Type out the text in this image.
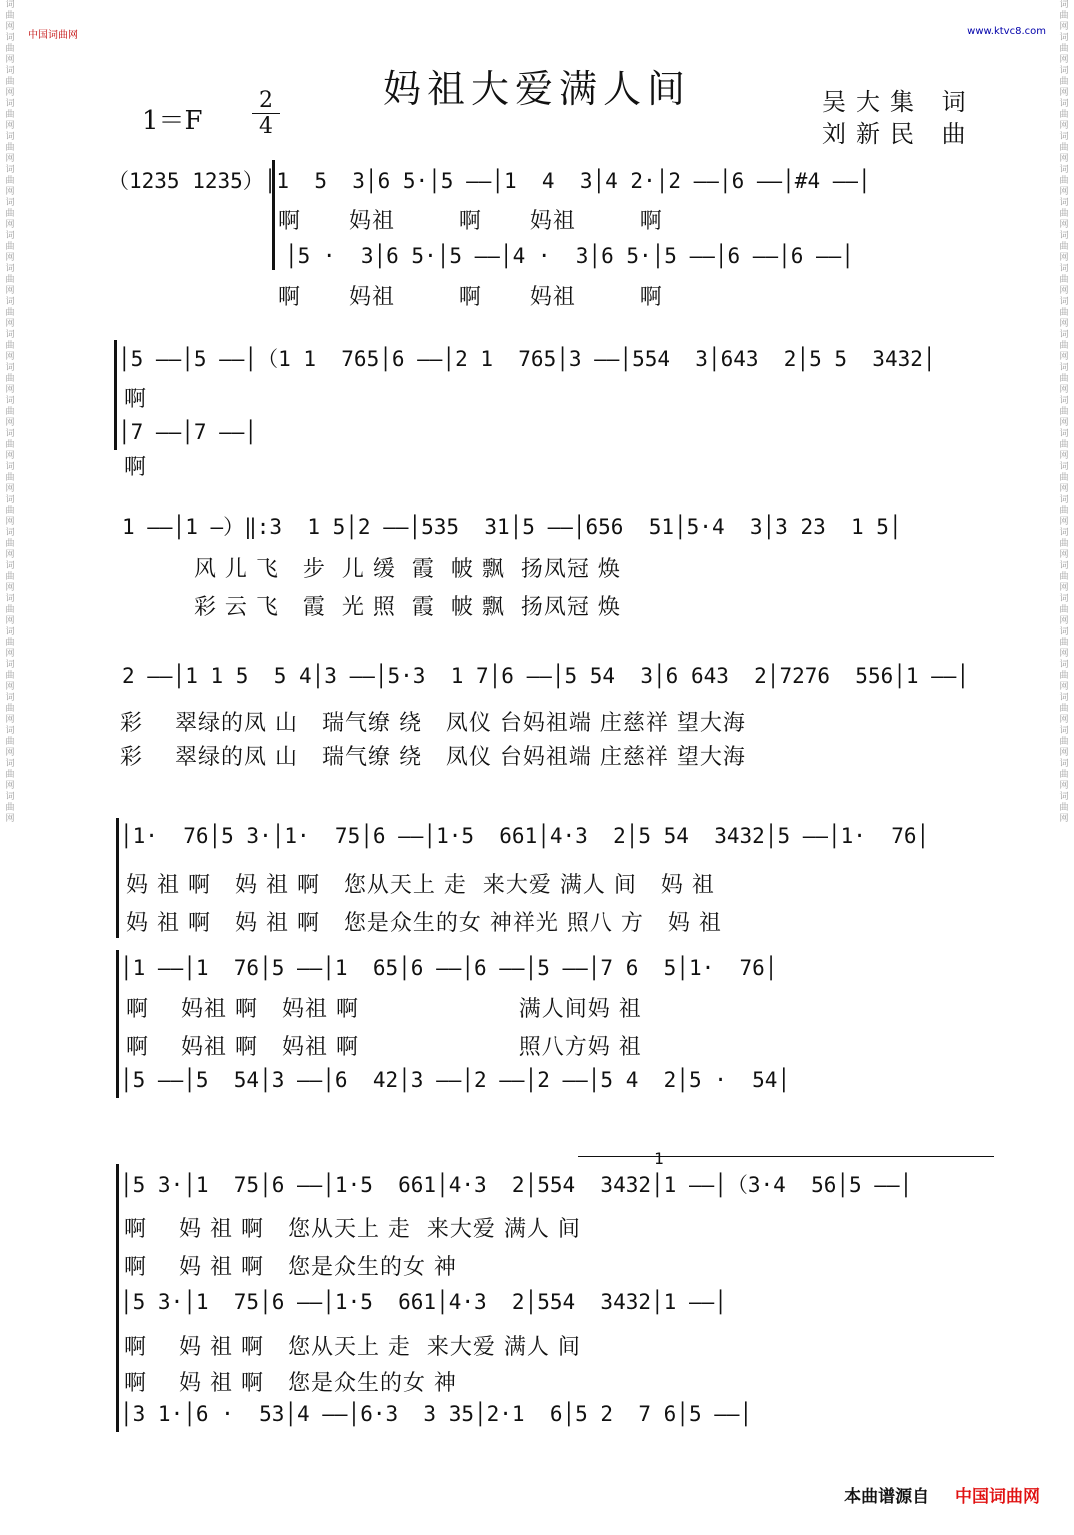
词曲网词曲网词曲网词曲网词曲网词曲网词曲网词曲网词曲网词曲网词曲网词曲网词曲网词曲网词曲网词曲网词曲网词曲网词曲网词曲网词曲网词曲网词曲网词曲网词曲网
词曲网词曲网词曲网词曲网词曲网词曲网词曲网词曲网词曲网词曲网词曲网词曲网词曲网词曲网词曲网词曲网词曲网词曲网词曲网词曲网词曲网词曲网词曲网词曲网词曲网
中国词曲网	www.ktvc8.com
妈祖大爱满人间
$1=F \frac{2}{4}$	吴大集 词
刘新民 曲
（1235 1235）│1  5  3│6 5·│5 ——│1  4  3│4 2·│2 ——│6 ——│#4 ——│
啊      妈祖        啊      妈祖        啊
│5 ·  3│6 5·│5 ——│4 ·  3│6 5·│5 ——│6 ——│6 ——│
啊      妈祖        啊      妈祖        啊
│5 ——│5 ——│（1 1  765│6 ——│2 1  765│3 ——│554  3│643  2│5 5  3432│
啊
│7 ——│7 ——│
啊
1 ——│1 —）‖:3  1 5│2 ——│535  31│5 ——│656  51│5·4  3│3 23  1 5│
风 儿 飞   步  儿 缓  霞  帔 飘  扬凤冠 焕
彩 云 飞   霞  光 照  霞  帔 飘  扬凤冠 焕
2 ——│1 1 5  5 4│3 ——│5·3  1 7│6 ——│5 54  3│6 643  2│7276  556│1 ——│
彩    翠绿的凤 山   瑞气缭 绕   凤仪 台妈祖端 庄慈祥 望大海
彩    翠绿的凤 山   瑞气缭 绕   凤仪 台妈祖端 庄慈祥 望大海
│1·  76│5 3·│1·  75│6 ——│1·5  661│4·3  2│5 54  3432│5 ——│1·  76│
妈 祖 啊   妈 祖 啊   您从天上 走  来大爱 满人 间   妈 祖
妈 祖 啊   妈 祖 啊   您是众生的女 神祥光 照八 方   妈 祖
│1 ——│1  76│5 ——│1  65│6 ——│6 ——│5 ——│7 6  5│1·  76│
啊    妈祖 啊   妈祖 啊                    满人间妈 祖
啊    妈祖 啊   妈祖 啊                    照八方妈 祖
│5 ——│5  54│3 ——│6  42│3 ——│2 ——│2 ——│5 4  2│5 ·  54│
1
│5 3·│1  75│6 ——│1·5  661│4·3  2│554  3432│1 ——│（3·4  56│5 ——│
啊    妈 祖 啊   您从天上 走  来大爱 满人 间
啊    妈 祖 啊   您是众生的女 神
│5 3·│1  75│6 ——│1·5  661│4·3  2│554  3432│1 ——│
啊    妈 祖 啊   您从天上 走  来大爱 满人 间
啊    妈 祖 啊   您是众生的女 神
│3 1·│6 ·  53│4 ——│6·3  3 35│2·1  6│5 2  7 6│5 ——│
本曲谱源自 中国词曲网
